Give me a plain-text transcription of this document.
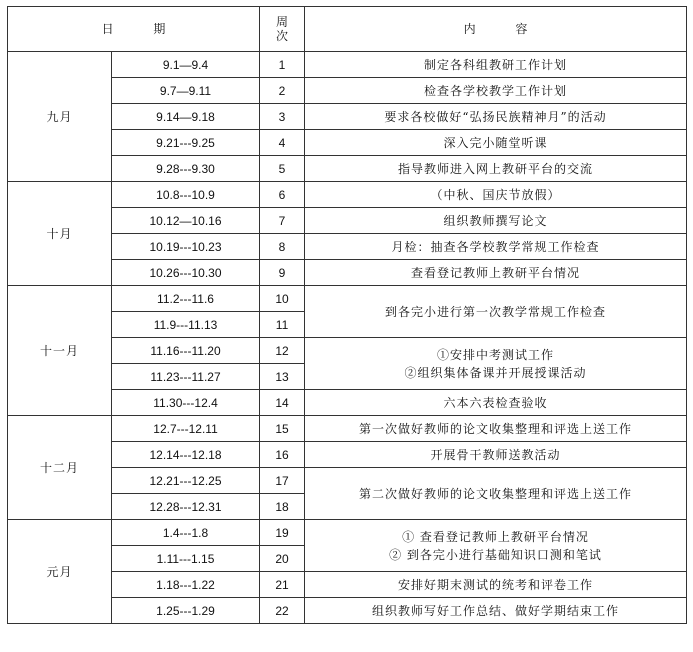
日 期		周
次	内 容
九月	9.1—9.4	1	制定各科组教研工作计划
	9.7—9.11	2	检查各学校教学工作计划
	9.14—9.18	3	要求各校做好“弘扬民族精神月”的活动
	9.21---9.25	4	深入完小随堂听课
	9.28---9.30	5	指导教师进入网上教研平台的交流
十月	10.8---10.9	6	（中秋、国庆节放假）
	10.12—10.16	7	组织教师撰写论文
	10.19---10.23	8	月检：抽查各学校教学常规工作检查
	10.26---10.30	9	查看登记教师上教研平台情况
十一月	11.2---11.6	10	到各完小进行第一次教学常规工作检查
	11.9---11.13	11	
	11.16---11.20	12	①安排中考测试工作
②组织集体备课并开展授课活动

	11.23---11.27	13	
	11.30---12.4	14	六本六表检查验收
十二月	12.7---12.11	15	第一次做好教师的论文收集整理和评选上送工作
	12.14---12.18	16	开展骨干教师送教活动
	12.21---12.25	17	第二次做好教师的论文收集整理和评选上送工作
	12.28---12.31	18	
元月	1.4---1.8	19	① 查看登记教师上教研平台情况
② 到各完小进行基础知识口测和笔试

	1.11---1.15	20	
	1.18---1.22	21	安排好期末测试的统考和评卷工作
	1.25---1.29	22	组织教师写好工作总结、做好学期结束工作
